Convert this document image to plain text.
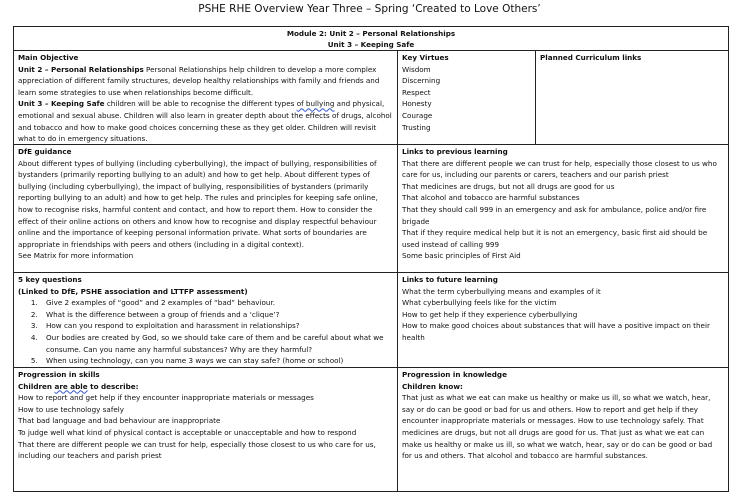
PSHE RHE Overview Year Three – Spring ‘Created to Love Others’
Module 2: Unit 2 – Personal Relationships
Unit 3 – Keeping Safe
Main Objective
Unit 2 – Personal Relationships Personal Relationships help children to develop a more complex appreciation of different family structures, develop healthy relationships with family and friends and learn some strategies to use when relationships become difficult.
Unit 3 – Keeping Safe children will be able to recognise the different types of bullying and physical, emotional and sexual abuse. Children will also learn in greater depth about the effects of drugs, alcohol and tobacco and how to make good choices concerning these as they get older. Children will revisit what to do in emergency situations.
Key Virtues
Wisdom
Discerning
Respect
Honesty
Courage
Trusting
Planned Curriculum links
DfE guidance
About different types of bullying (including cyberbullying), the impact of bullying, responsibilities of bystanders (primarily reporting bullying to an adult) and how to get help. About different types of bullying (including cyberbullying), the impact of bullying, responsibilities of bystanders (primarily reporting bullying to an adult) and how to get help. The rules and principles for keeping safe online, how to recognise risks, harmful content and contact, and how to report them. How to consider the effect of their online actions on others and know how to recognise and display respectful behaviour online and the importance of keeping personal information private. What sorts of boundaries are appropriate in friendships with peers and others (including in a digital context).
See Matrix for more information
Links to previous learning
That there are different people we can trust for help, especially those closest to us who care for us, including our parents or carers, teachers and our parish priest
That medicines are drugs, but not all drugs are good for us
That alcohol and tobacco are harmful substances
That they should call 999 in an emergency and ask for ambulance, police and/or fire brigade
That if they require medical help but it is not an emergency, basic first aid should be used instead of calling 999
Some basic principles of First Aid
5 key questions
(Linked to DfE, PSHE association and LTTFP assessment)
1. Give 2 examples of “good” and 2 examples of “bad” behaviour.
2. What is the difference between a group of friends and a ‘clique’?
3. How can you respond to exploitation and harassment in relationships?
4. Our bodies are created by God, so we should take care of them and be careful about what we consume. Can you name any harmful substances? Why are they harmful?
5. When using technology, can you name 3 ways we can stay safe? (home or school)
Links to future learning
What the term cyberbullying means and examples of it
What cyberbullying feels like for the victim
How to get help if they experience cyberbullying
How to make good choices about substances that will have a positive impact on their health
Progression in skills
Children are able to describe:
How to report and get help if they encounter inappropriate materials or messages
How to use technology safely
That bad language and bad behaviour are inappropriate
To judge well what kind of physical contact is acceptable or unacceptable and how to respond
That there are different people we can trust for help, especially those closest to us who care for us, including our teachers and parish priest
Progression in knowledge
Children know:
That just as what we eat can make us healthy or make us ill, so what we watch, hear, say or do can be good or bad for us and others. How to report and get help if they encounter inappropriate materials or messages. How to use technology safely. That medicines are drugs, but not all drugs are good for us. That just as what we eat can make us healthy or make us ill, so what we watch, hear, say or do can be good or bad for us and others. That alcohol and tobacco are harmful substances.
